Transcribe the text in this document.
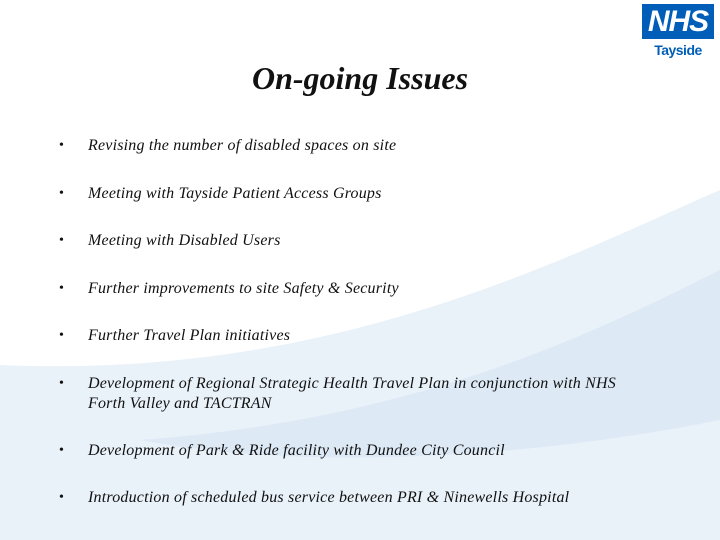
NHS
Tayside
On-going Issues
• Revising the number of disabled spaces on site
• Meeting with Tayside Patient Access Groups
• Meeting with Disabled Users
• Further improvements to site Safety & Security
• Further Travel Plan initiatives
• Development of Regional Strategic Health Travel Plan in conjunction with NHS Forth Valley and TACTRAN
• Development of Park & Ride facility with Dundee City Council
• Introduction of scheduled bus service between PRI & Ninewells Hospital
